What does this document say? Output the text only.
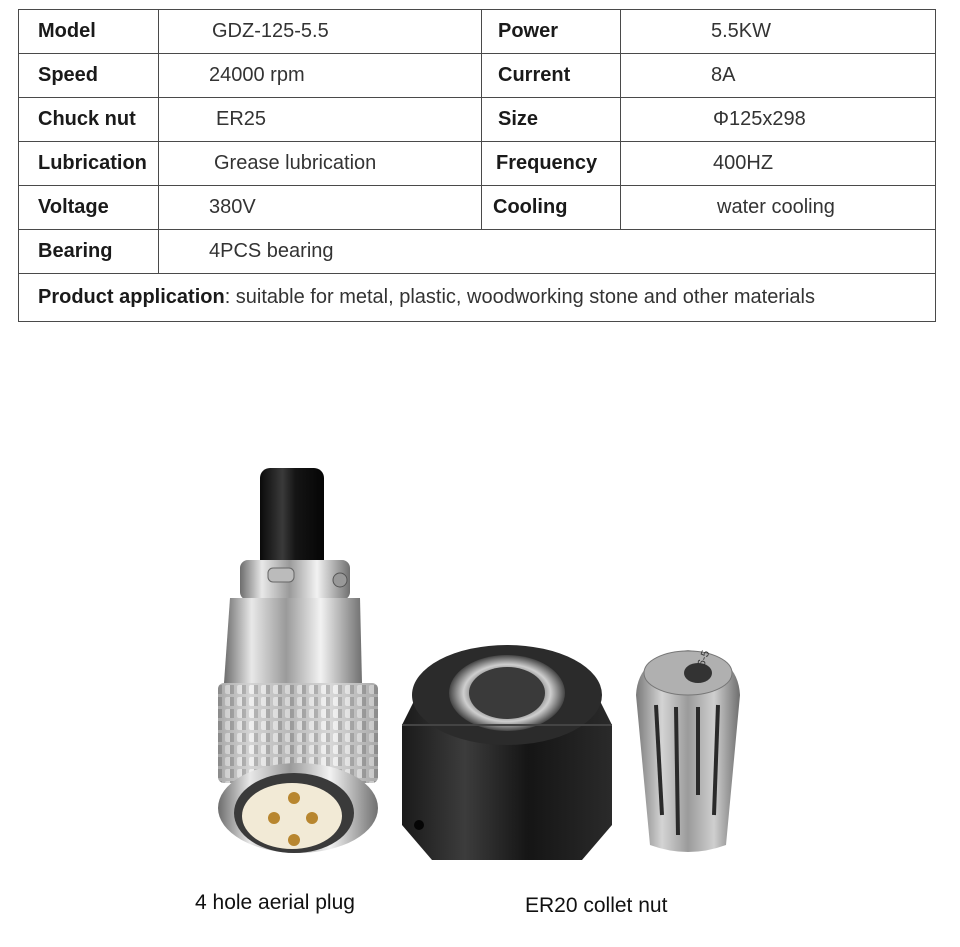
Model	GDZ-125-5.5	Power	5.5KW
Speed	24000 rpm	Current	8A
Chuck nut	ER25	Size	Φ125x298
Lubrication	Grease lubrication	Frequency	400HZ
Voltage	380V	Cooling	water cooling
Bearing	4PCS bearing
Product application : suitable for metal, plastic, woodworking stone and other materials
6-5
4 hole aerial plug	ER20 collet nut
